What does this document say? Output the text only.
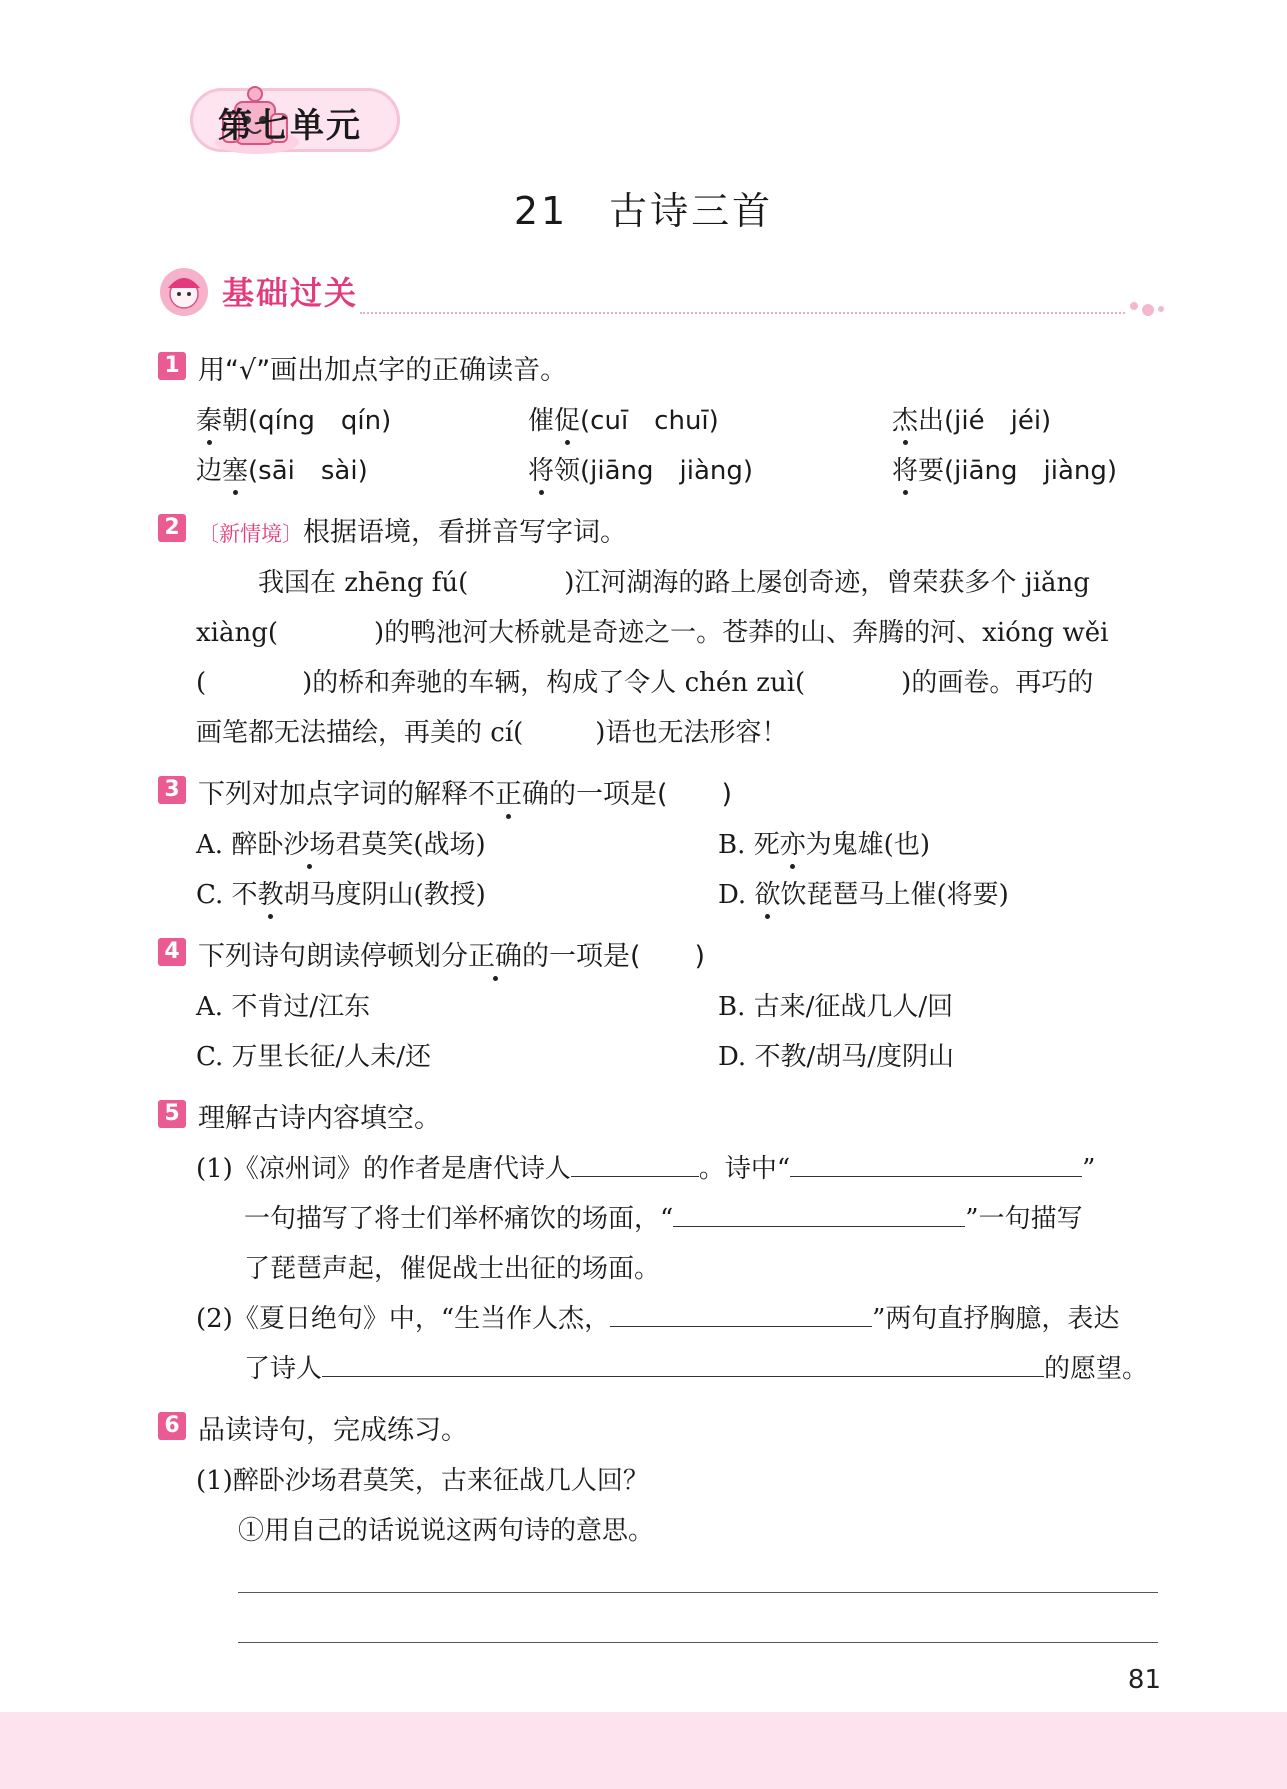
第七单元
21　古诗三首
基础过关
1 用“√”画出加点字的正确读音。
秦朝(qíng　qín)	催促(cuī　chuī)	杰出(jié　jéi)
边塞(sāi　sài)	将领(jiāng　jiàng)	将要(jiāng　jiàng)
2 〔新情境〕根据语境，看拼音写字词。
我国在 zhēng fú(	)江河湖海的路上屡创奇迹，曾荣获多个 jiǎng
xiàng(	)的鸭池河大桥就是奇迹之一。苍莽的山、奔腾的河、xióng wěi
(	)的桥和奔驰的车辆，构成了令人 chén zuì(	)的画卷。再巧的
画笔都无法描绘，再美的 cí(	)语也无法形容！
3 下列对加点字词的解释不正确的一项是(　　)
A. 醉卧沙场君莫笑(战场)	B. 死亦为鬼雄(也)
C. 不教胡马度阴山(教授)	D. 欲饮琵琶马上催(将要)
4 下列诗句朗读停顿划分正确的一项是(　　)
A. 不肯过/江东	B. 古来/征战几人/回
C. 万里长征/人未/还	D. 不教/胡马/度阴山
5 理解古诗内容填空。
(1)《凉州词》的作者是唐代诗人	。诗中“	”
一句描写了将士们举杯痛饮的场面，“	”一句描写
了琵琶声起，催促战士出征的场面。
(2)《夏日绝句》中，“生当作人杰，	”两句直抒胸臆，表达
了诗人	的愿望。
6 品读诗句，完成练习。
(1)醉卧沙场君莫笑，古来征战几人回？
①用自己的话说说这两句诗的意思。
81
